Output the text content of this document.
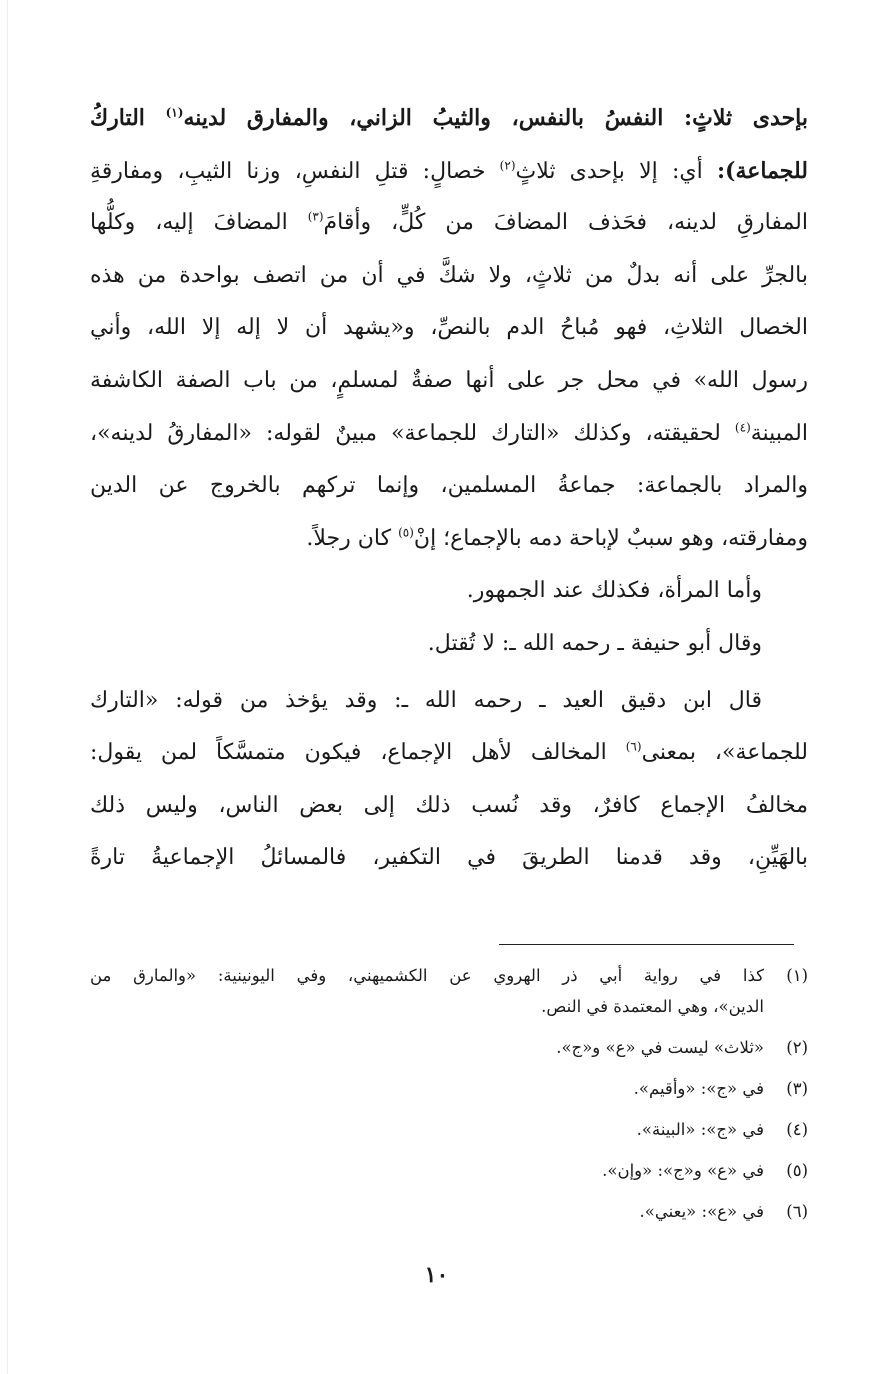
بإحدى ثلاثٍ: النفسُ بالنفس، والثيبُ الزاني، والمفارق لدينه$^{(١)}$ التاركُ
للجماعة): أي: إلا بإحدى ثلاثٍ$^{(٢)}$ خصالٍ: قتلِ النفسِ، وزنا الثيبِ، ومفارقةِ
المفارقِ لدينه، فحَذف المضافَ من كُلٍّ، وأقامَ$^{(٣)}$ المضافَ إليه، وكلُّها
بالجرِّ على أنه بدلٌ من ثلاثٍ، ولا شكَّ في أن من اتصف بواحدة من هذه
الخصال الثلاثِ، فهو مُباحُ الدم بالنصِّ، و«يشهد أن لا إله إلا الله، وأني
رسول الله» في محل جر على أنها صفةٌ لمسلمٍ، من باب الصفة الكاشفة
المبينة$^{(٤)}$ لحقيقته، وكذلك «التارك للجماعة» مبينٌ لقوله: «المفارقُ لدينه»،
والمراد بالجماعة: جماعةُ المسلمين، وإنما تركهم بالخروج عن الدين
ومفارقته، وهو سببٌ لإباحة دمه بالإجماع؛ إنْ$^{(٥)}$ كان رجلاً.
وأما المرأة، فكذلك عند الجمهور.
وقال أبو حنيفة ـ رحمه الله ـ: لا تُقتل.
قال ابن دقيق العيد ـ رحمه الله ـ: وقد يؤخذ من قوله: «التارك
للجماعة»، بمعنى$^{(٦)}$ المخالف لأهل الإجماع، فيكون متمسَّكاً لمن يقول:
مخالفُ الإجماع كافرٌ، وقد نُسب ذلك إلى بعض الناس، وليس ذلك
بالهَيِّنِ، وقد قدمنا الطريقَ في التكفير، فالمسائلُ الإجماعيةُ تارةً
(١)
كذا في رواية أبي ذر الهروي عن الكشميهني، وفي اليونينية: «والمارق من
الدين»، وهي المعتمدة في النص.
(٢)
«ثلاث» ليست في «ع» و«ج».
(٣)
في «ج»: «وأقيم».
(٤)
في «ج»: «البينة».
(٥)
في «ع» و«ج»: «وإن».
(٦)
في «ع»: «يعني».
١٠
